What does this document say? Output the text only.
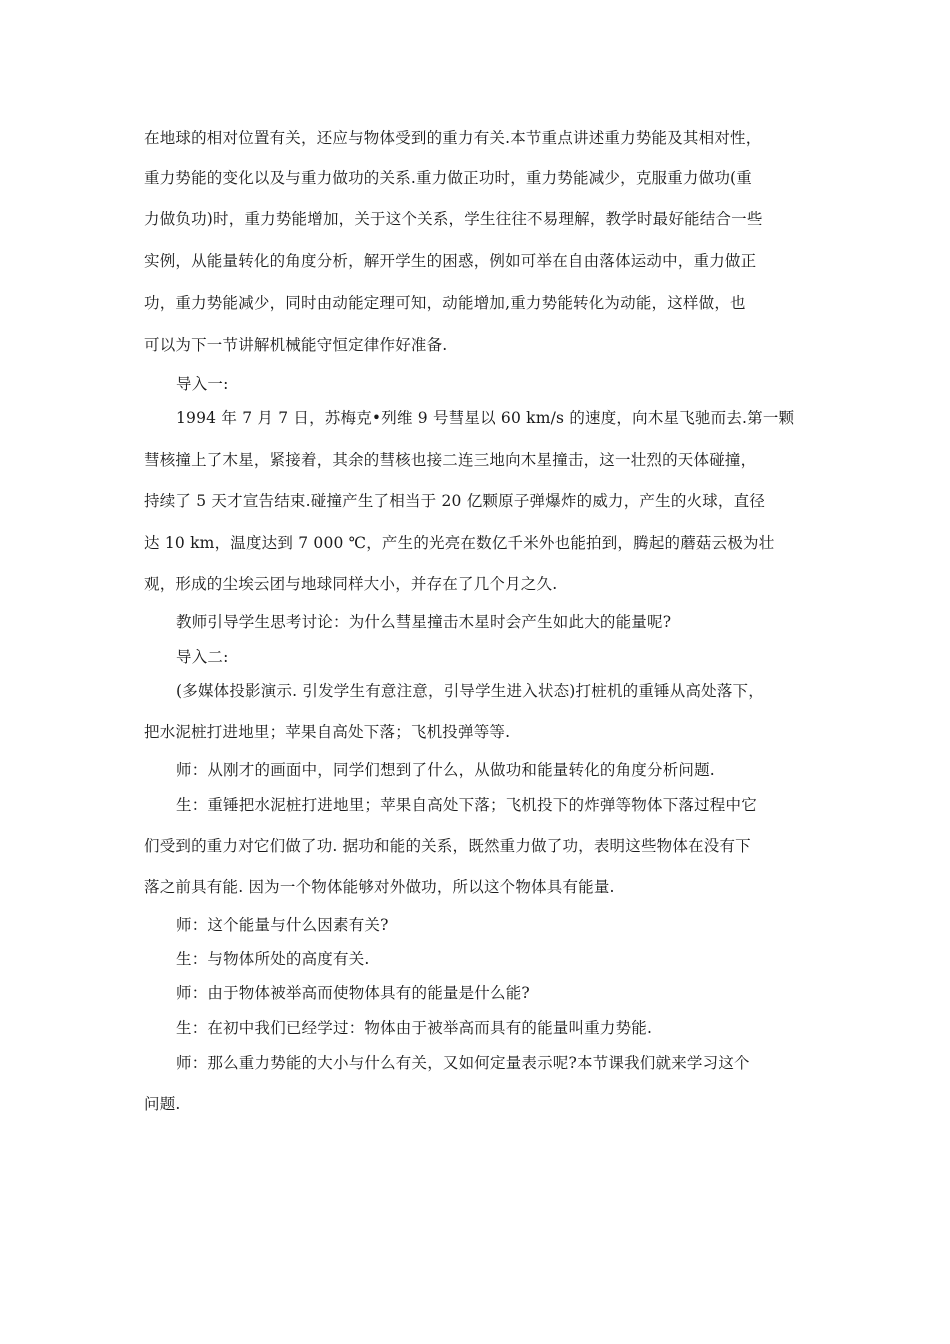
在地球的相对位置有关，还应与物体受到的重力有关.本节重点讲述重力势能及其相对性，
重力势能的变化以及与重力做功的关系.重力做正功时，重力势能减少，克服重力做功(重
力做负功)时，重力势能增加，关于这个关系，学生往往不易理解，教学时最好能结合一些
实例，从能量转化的角度分析，解开学生的困惑，例如可举在自由落体运动中，重力做正
功，重力势能减少，同时由动能定理可知，动能增加,重力势能转化为动能，这样做，也
可以为下一节讲解机械能守恒定律作好准备.
导入一:
1994 年 7 月 7 日，苏梅克•列维 9 号彗星以 60 km/s 的速度，向木星飞驰而去.第一颗
彗核撞上了木星，紧接着，其余的彗核也接二连三地向木星撞击，这一壮烈的天体碰撞，
持续了 5 天才宣告结束.碰撞产生了相当于 20 亿颗原子弹爆炸的威力，产生的火球，直径
达 10 km，温度达到 7 000 ℃，产生的光亮在数亿千米外也能拍到，腾起的蘑菇云极为壮
观，形成的尘埃云团与地球同样大小，并存在了几个月之久.
教师引导学生思考讨论：为什么彗星撞击木星时会产生如此大的能量呢?
导入二:
(多媒体投影演示. 引发学生有意注意，引导学生进入状态)打桩机的重锤从高处落下，
把水泥桩打进地里；苹果自高处下落；飞机投弹等等.
师：从刚才的画面中，同学们想到了什么，从做功和能量转化的角度分析问题.
生：重锤把水泥桩打进地里；苹果自高处下落；飞机投下的炸弹等物体下落过程中它
们受到的重力对它们做了功. 据功和能的关系，既然重力做了功，表明这些物体在没有下
落之前具有能. 因为一个物体能够对外做功，所以这个物体具有能量.
师：这个能量与什么因素有关?
生：与物体所处的高度有关.
师：由于物体被举高而使物体具有的能量是什么能?
生：在初中我们已经学过：物体由于被举高而具有的能量叫重力势能.
师：那么重力势能的大小与什么有关，又如何定量表示呢?本节课我们就来学习这个
问题.
